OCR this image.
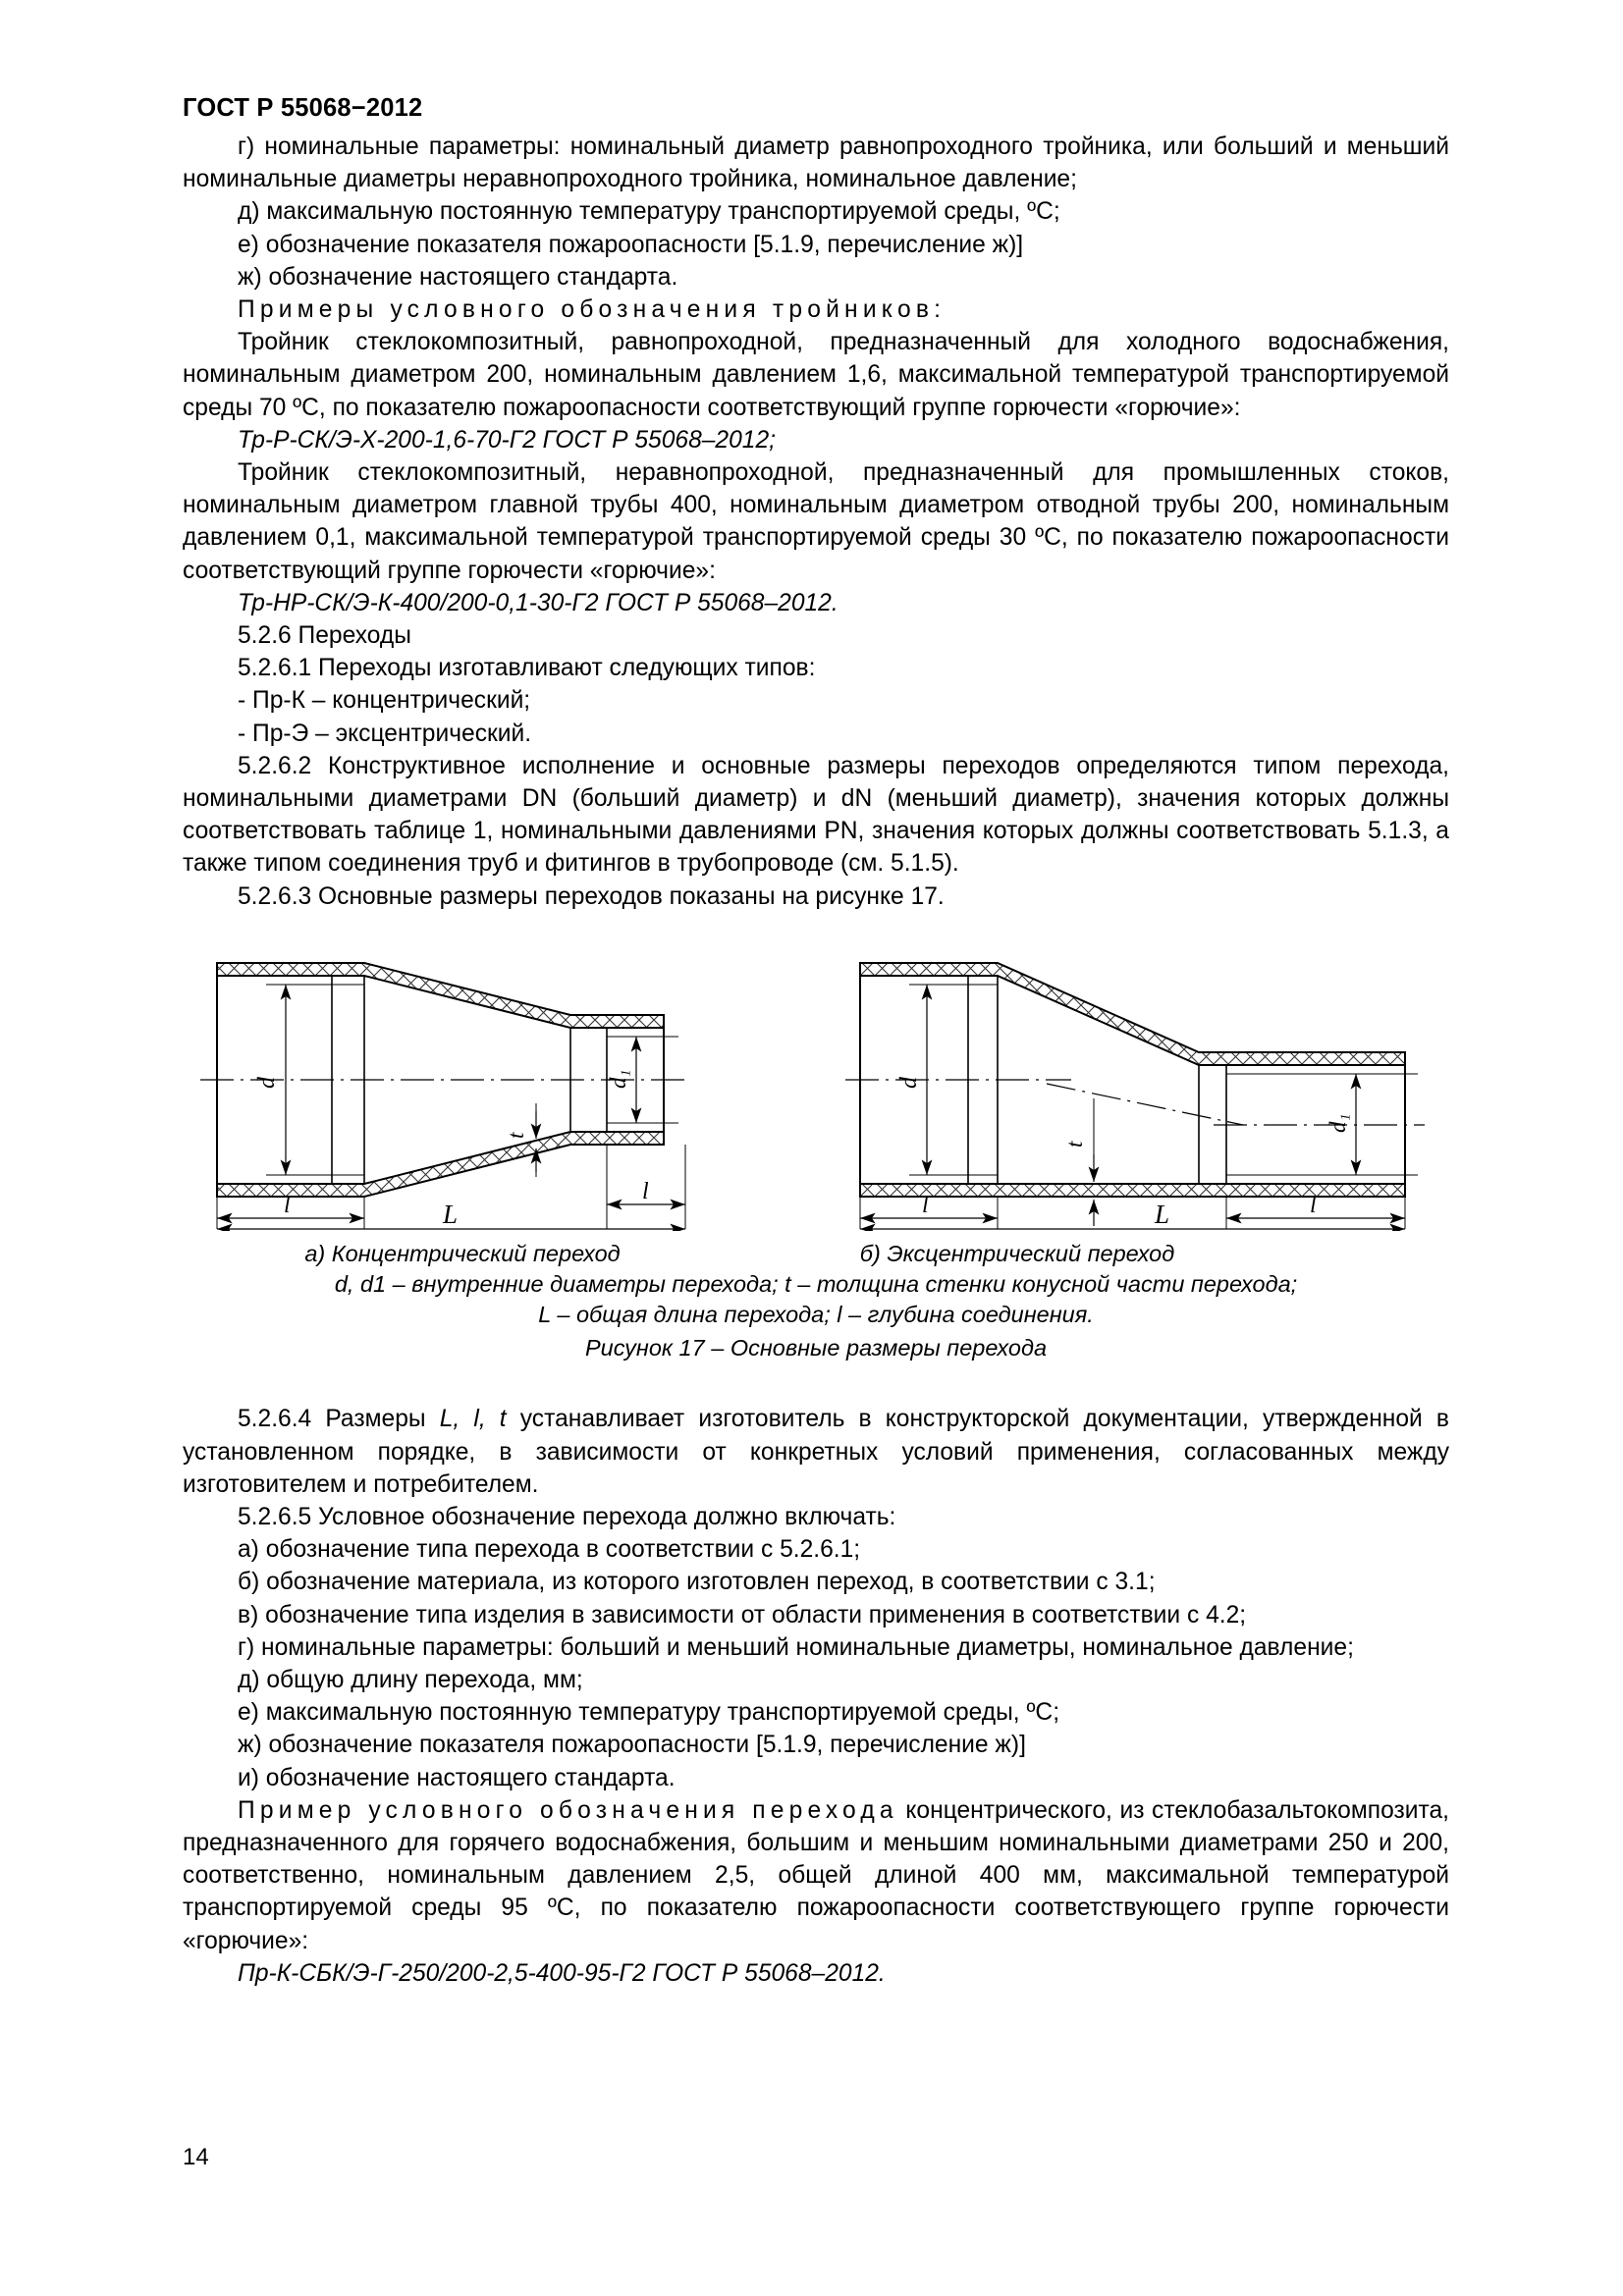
ГОСТ Р 55068−2012

г) номинальные параметры: номинальный диаметр равнопроходного тройника, или больший и меньший номинальные диаметры неравнопроходного тройника, номинальное давление;

д) максимальную постоянную температуру транспортируемой среды, ºС;

е) обозначение показателя пожароопасности [5.1.9, перечисление ж)]

ж) обозначение настоящего стандарта.

Примеры условного обозначения тройников:

Тройник стеклокомпозитный, равнопроходной, предназначенный для холодного водоснабжения, номинальным диаметром 200, номинальным давлением 1,6, максимальной температурой транспортируемой среды 70 ºС, по показателю пожароопасности соответствующий группе горючести «горючие»:

Тр-Р-СК/Э-Х-200-1,6-70-Г2 ГОСТ Р 55068–2012;

Тройник стеклокомпозитный, неравнопроходной, предназначенный для промышленных стоков, номинальным диаметром главной трубы 400, номинальным диаметром отводной трубы 200, номинальным давлением 0,1, максимальной температурой транспортируемой среды 30 ºС, по показателю пожароопасности соответствующий группе горючести «горючие»:

Тр-НР-СК/Э-К-400/200-0,1-30-Г2 ГОСТ Р 55068–2012.

5.2.6 Переходы

5.2.6.1 Переходы изготавливают следующих типов:

- Пр-К – концентрический;

- Пр-Э – эксцентрический.

5.2.6.2 Конструктивное исполнение и основные размеры переходов определяются типом перехода, номинальными диаметрами DN (больший диаметр) и dN (меньший диаметр), значения которых должны соответствовать таблице 1, номинальными давлениями PN, значения которых должны соответствовать 5.1.3, а также типом соединения труб и фитингов в трубопроводе (см. 5.1.5).

5.2.6.3 Основные размеры переходов показаны на рисунке 17.

d	d₁
t
l
l
L
d
d₁
t
l	l
L
а) Концентрический переход	б) Эксцентрический переход
d, d1 – внутренние диаметры перехода; t – толщина стенки конусной части перехода;
L – общая длина перехода; l – глубина соединения.
Рисунок 17 – Основные размеры перехода

5.2.6.4 Размеры L, l, t устанавливает изготовитель в конструкторской документации, утвержденной в установленном порядке, в зависимости от конкретных условий применения, согласованных между изготовителем и потребителем.

5.2.6.5 Условное обозначение перехода должно включать:

а) обозначение типа перехода в соответствии с 5.2.6.1;

б) обозначение материала, из которого изготовлен переход, в соответствии с 3.1;

в) обозначение типа изделия в зависимости от области применения в соответствии с 4.2;

г) номинальные параметры: больший и меньший номинальные диаметры, номинальное давление;

д) общую длину перехода, мм;

е) максимальную постоянную температуру транспортируемой среды, ºС;

ж) обозначение показателя пожароопасности [5.1.9, перечисление ж)]

и) обозначение настоящего стандарта.

Пример условного обозначения перехода концентрического, из стеклобазальтокомпозита, предназначенного для горячего водоснабжения, большим и меньшим номинальными диаметрами 250 и 200, соответственно, номинальным давлением 2,5, общей длиной 400 мм, максимальной температурой транспортируемой среды 95 ºС, по показателю пожароопасности соответствующего группе горючести «горючие»:

Пр-К-СБК/Э-Г-250/200-2,5-400-95-Г2 ГОСТ Р 55068–2012.

14
